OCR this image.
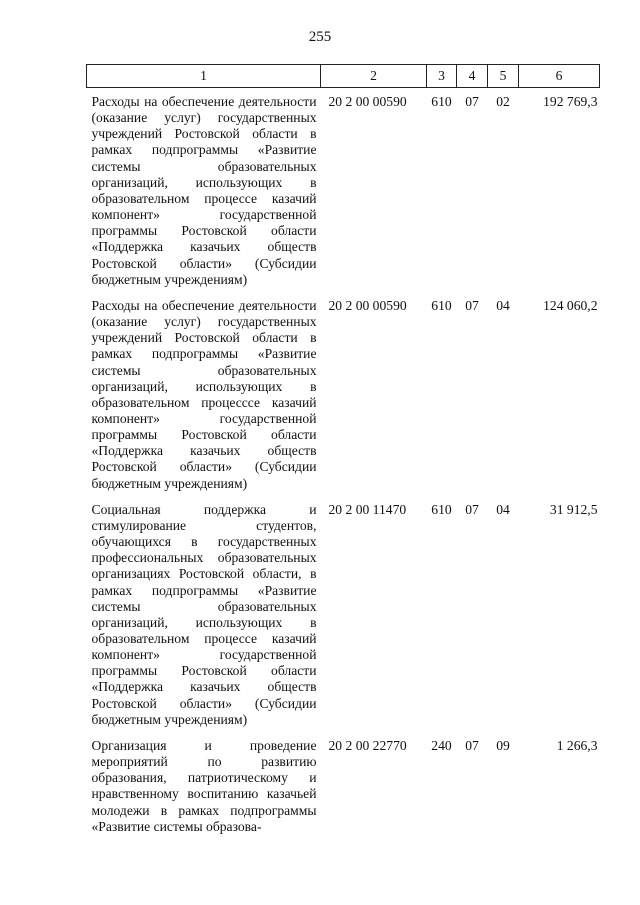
255
1	2	3	4	5	6
Расходы на обеспечение деятельности (оказание услуг) государственных учреждений Ростовской области в рамках подпрограммы «Развитие системы образовательных организаций, использующих в образовательном процессе казачий компонент» государственной программы Ростовской области «Поддержка казачьих обществ Ростовской области» (Субсидии бюджетным учреждениям)	20 2 00 00590	610	07	02	192 769,3
Расходы на обеспечение деятельности (оказание услуг) государственных учреждений Ростовской области в рамках подпрограммы «Развитие системы образовательных организаций, использующих в образовательном процесссе казачий компонент» государственной программы Ростовской области «Поддержка казачьих обществ Ростовской области» (Субсидии бюджетным учреждениям)	20 2 00 00590	610	07	04	124 060,2
Социальная поддержка и стимулирование студентов, обучающихся в государственных профессиональных образовательных организациях Ростовской области, в рамках подпрограммы «Развитие системы образовательных организаций, использующих в образовательном процессе казачий компонент» государственной программы Ростовской области «Поддержка казачьих обществ Ростовской области» (Субсидии бюджетным учреждениям)	20 2 00 11470	610	07	04	31 912,5
Организация и проведение мероприятий по развитию образования, патриотическому и нравственному воспитанию казачьей молодежи в рамках подпрограммы «Развитие системы образова-	20 2 00 22770	240	07	09	1 266,3
